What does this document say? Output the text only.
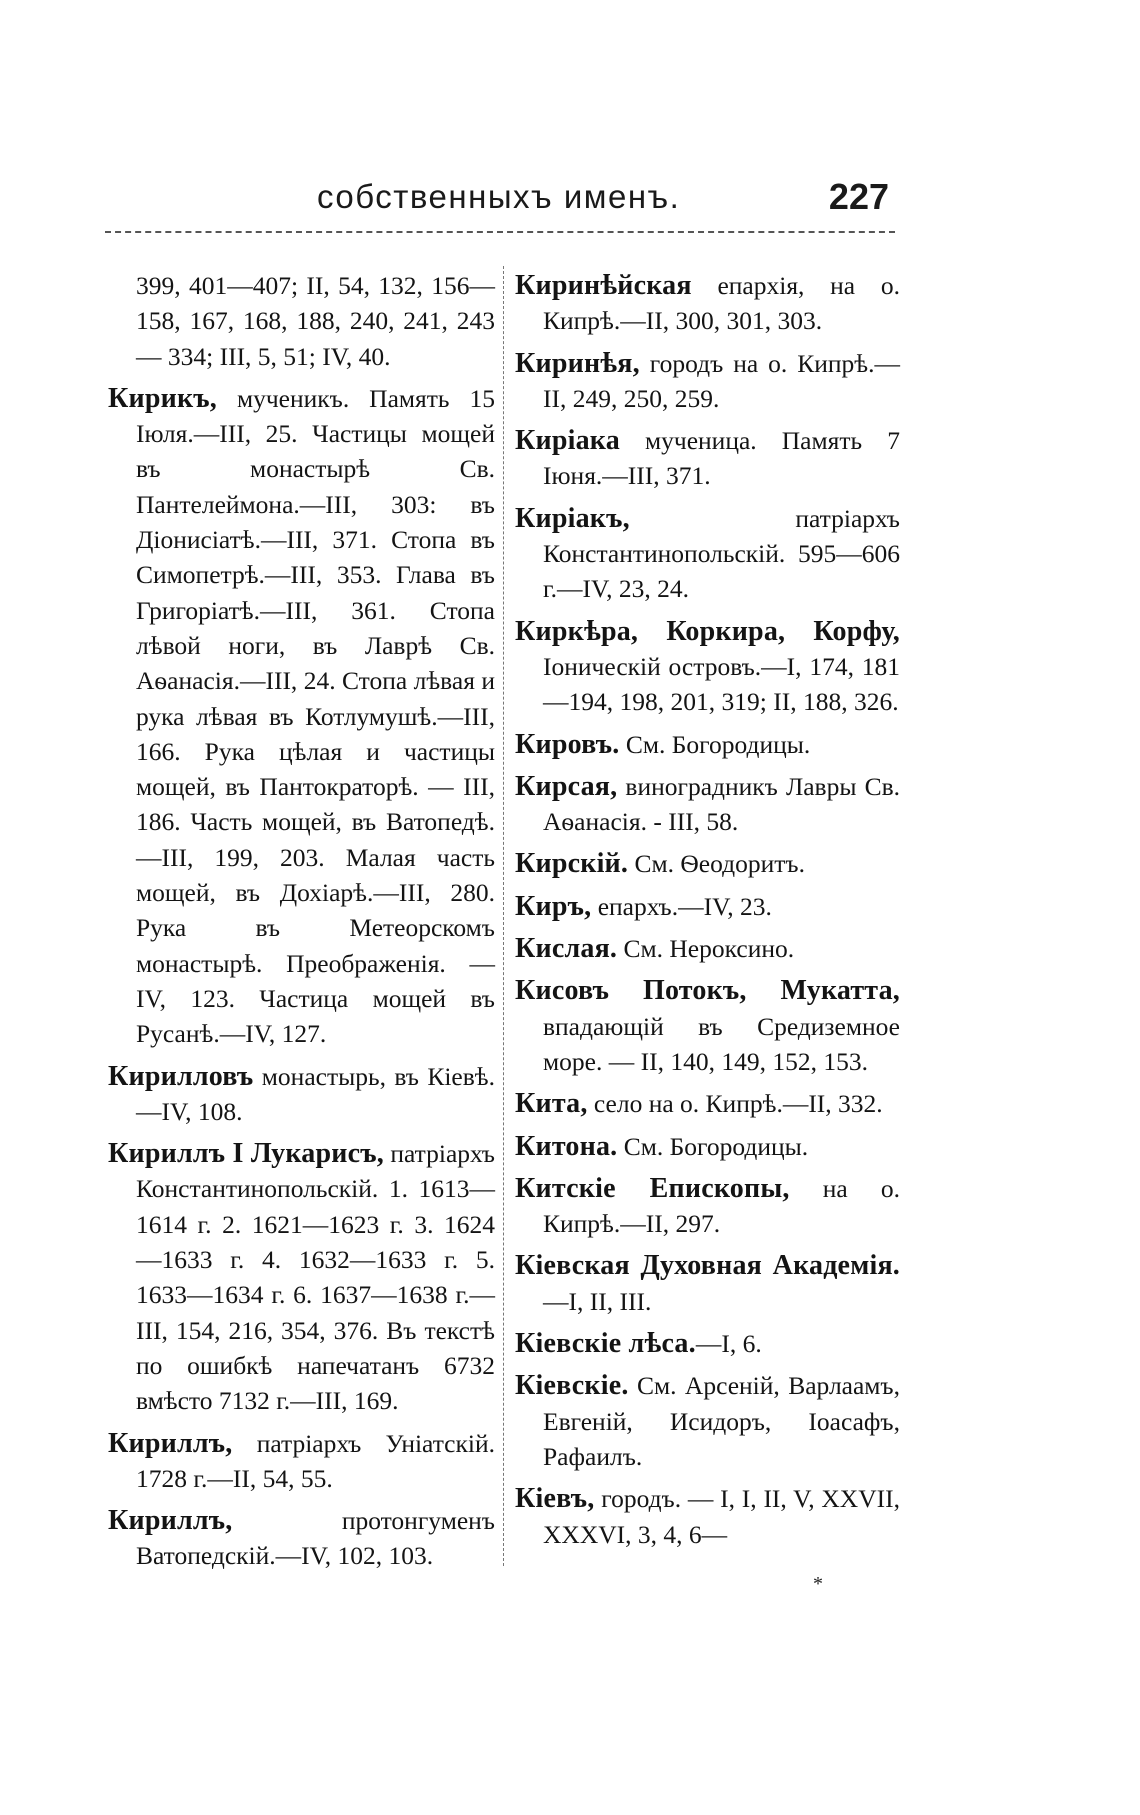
собственныхъ именъ.	227

399, 401—407; II, 54, 132, 156—158, 167, 168, 188, 240, 241, 243 — 334; III, 5, 51; IV, 40.

Кирикъ, мученикъ. Память 15 Іюля.—III, 25. Частицы мощей въ монастырѣ Св. Пантелеймона.—III, 303: въ Діонисіатѣ.—III, 371. Стопа въ Симопетрѣ.—III, 353. Глава въ Григоріатѣ.—III, 361. Стопа лѣвой ноги, въ Лаврѣ Св. Аѳанасія.—III, 24. Стопа лѣвая и рука лѣвая въ Котлумушѣ.—III, 166. Рука цѣлая и частицы мощей, въ Пантократорѣ. — III, 186. Часть мощей, въ Ватопедѣ.—III, 199, 203. Малая часть мощей, въ Дохіарѣ.—III, 280. Рука въ Метеорскомъ монастырѣ. Преображенія. — IV, 123. Частица мощей въ Русанѣ.—IV, 127.

Кирилловъ монастырь, въ Кіевѣ.—IV, 108.

Кириллъ I Лукарисъ, патріархъ Константинопольскій. 1. 1613—1614 г. 2. 1621—1623 г. 3. 1624—1633 г. 4. 1632—1633 г. 5. 1633—1634 г. 6. 1637—1638 г.—III, 154, 216, 354, 376. Въ текстѣ по ошибкѣ напечатанъ 6732 вмѣсто 7132 г.—III, 169.

Кириллъ, патріархъ Уніатскій. 1728 г.—II, 54, 55.

Кириллъ, протонгуменъ Ватопедскій.—IV, 102, 103.

Киринѣйская епархія, на о. Кипрѣ.—II, 300, 301, 303.

Киринѣя, городъ на о. Кипрѣ.—II, 249, 250, 259.

Киріака мученица. Память 7 Іюня.—III, 371.

Киріакъ, патріархъ Константинопольскій. 595—606 г.—IV, 23, 24.

Киркѣра, Коркира, Корфу, Іоническій островъ.—I, 174, 181—194, 198, 201, 319; II, 188, 326.

Кировъ. См. Богородицы.

Кирсая, виноградникъ Лавры Св. Аѳанасія. - III, 58.

Кирскій. См. Ѳеодоритъ.

Киръ, епархъ.—IV, 23.

Кислая. См. Нероксино.

Кисовъ Потокъ, Мукатта, впадающій въ Средиземное море. — II, 140, 149, 152, 153.

Кита, село на о. Кипрѣ.—II, 332.

Китона. См. Богородицы.

Китскіе Епископы, на о. Кипрѣ.—II, 297.

Кіевская Духовная Академія.—I, II, III.

Кіевскіе лѣса.—I, 6.

Кіевскіе. См. Арсеній, Варлаамъ, Евгеній, Исидоръ, Іоасафъ, Рафаилъ.

Кіевъ, городъ. — I, I, II, V, XXVII, XXXVI, 3, 4, 6—

*
